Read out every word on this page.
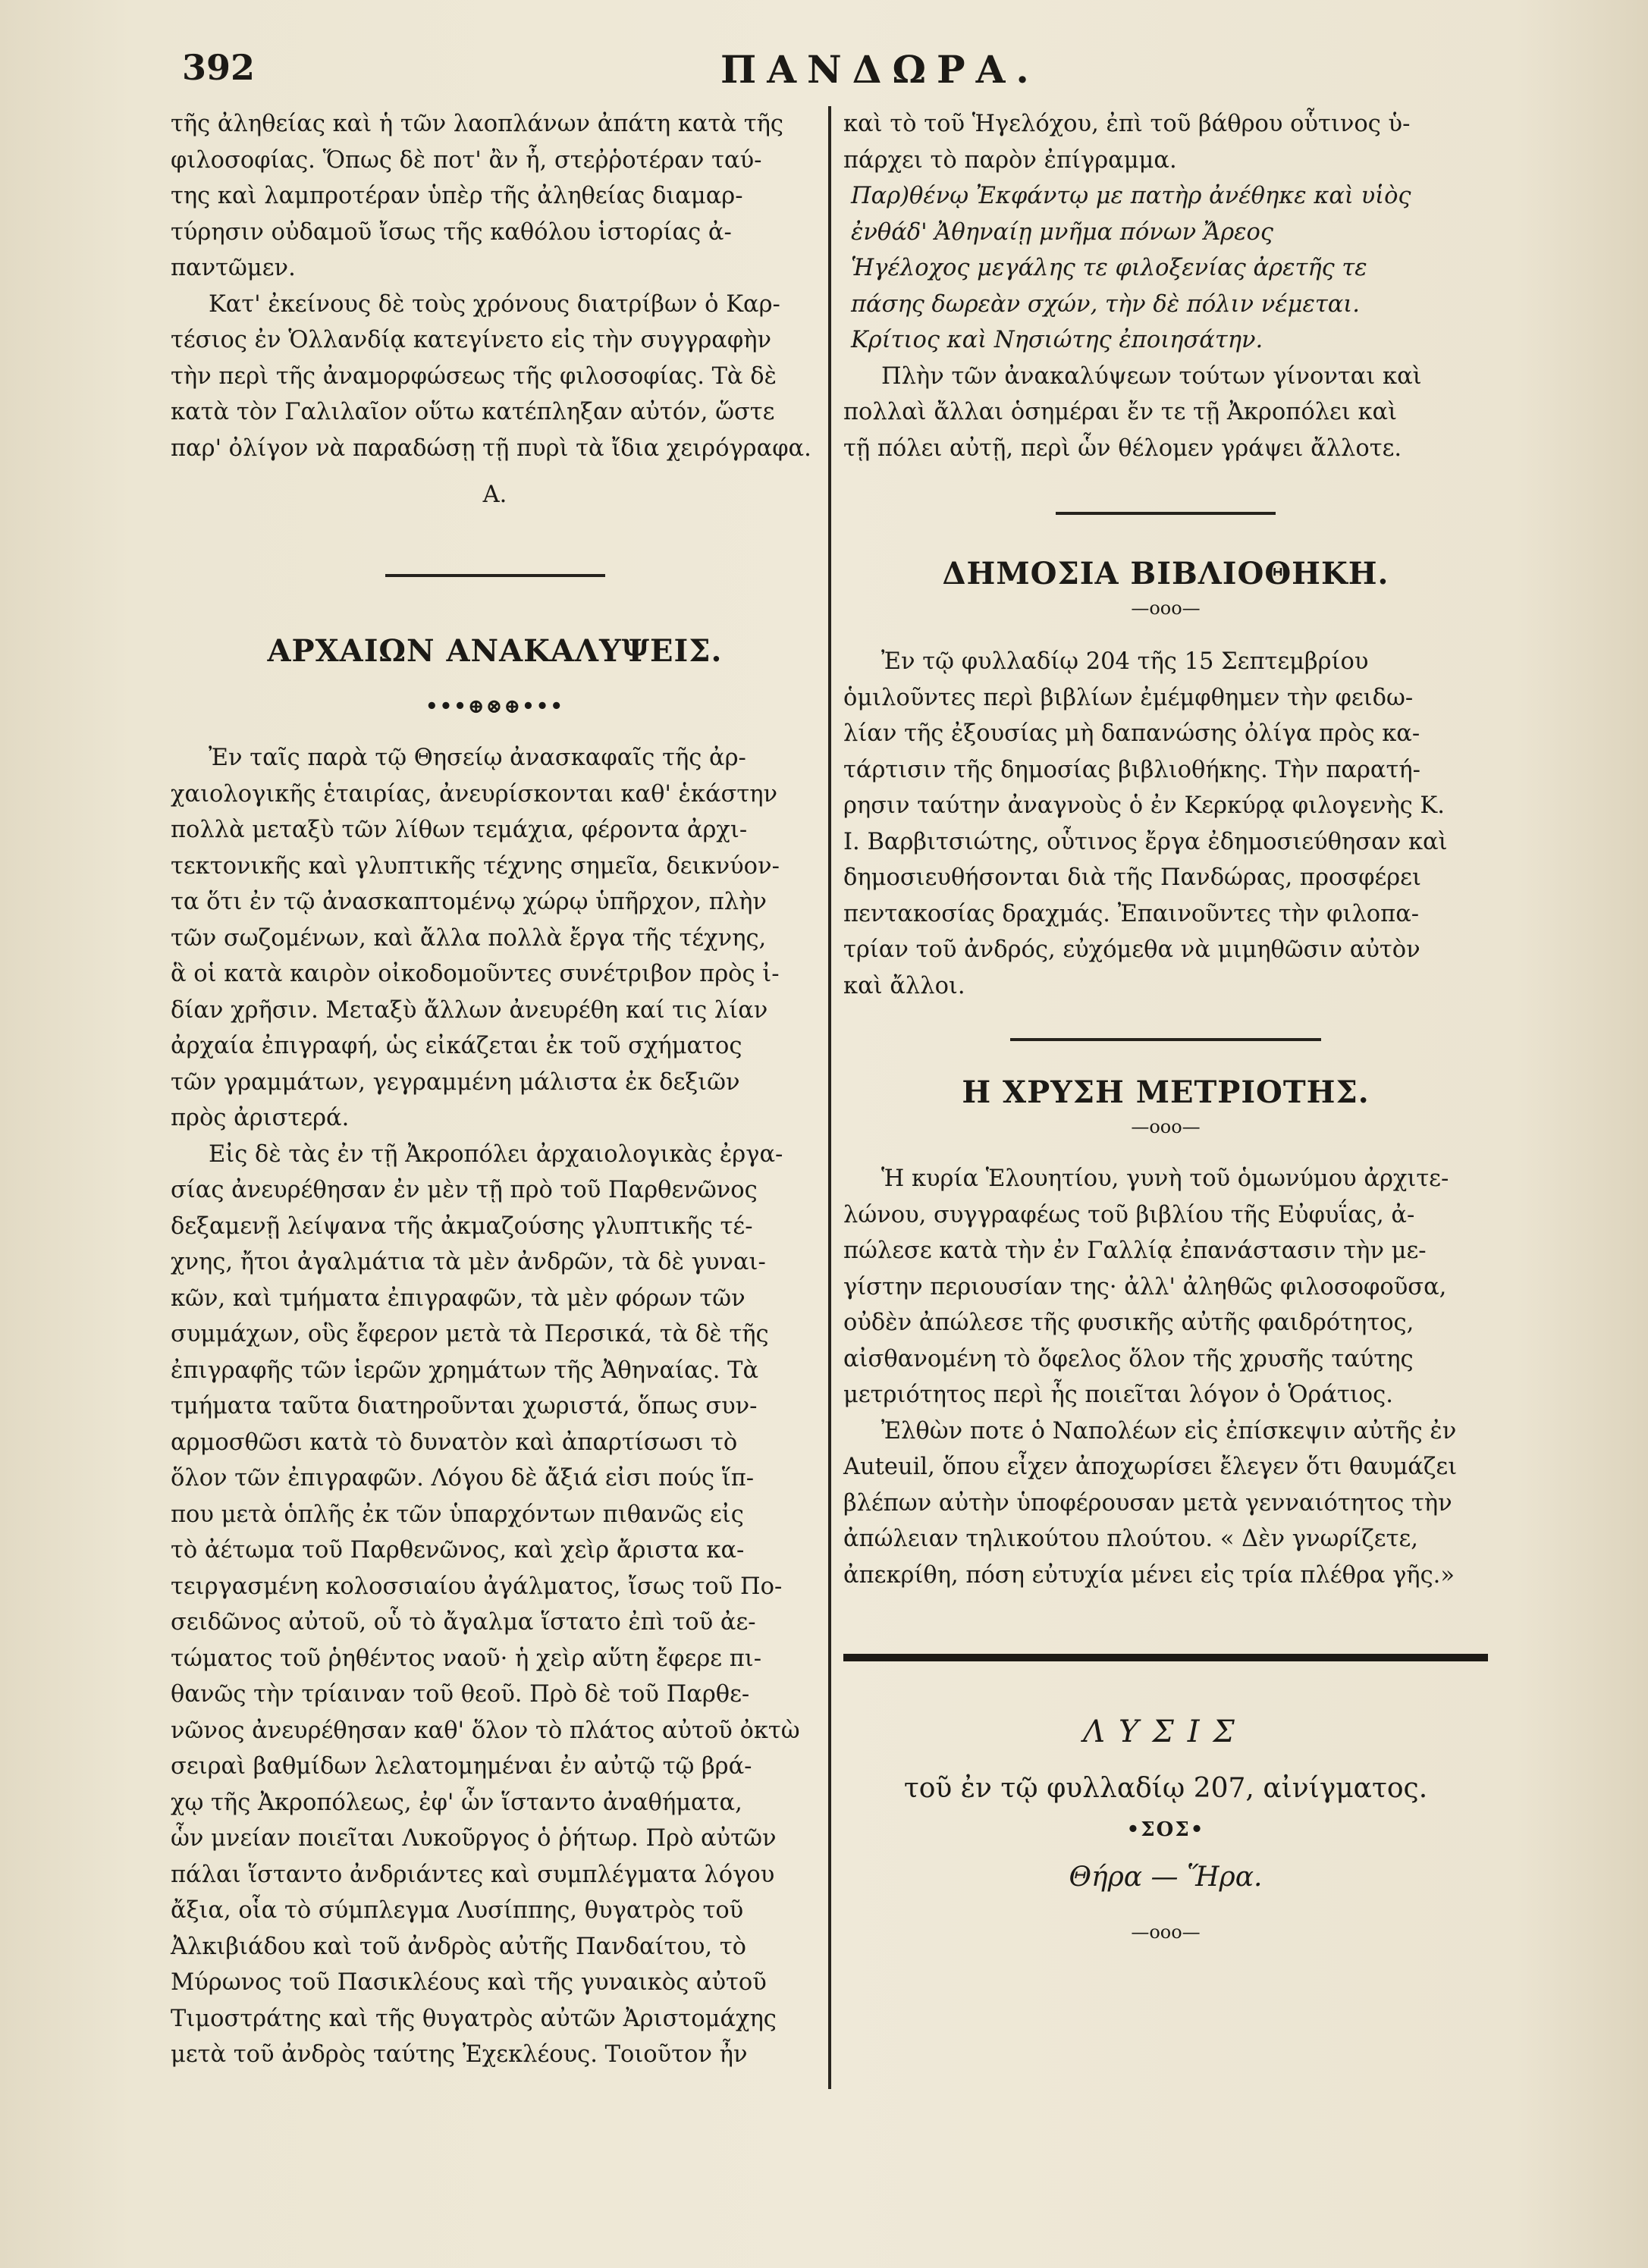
392	ΠΑΝΔΩΡΑ.

τῆς ἀληθείας καὶ ἡ τῶν λαοπλάνων ἀπάτη κατὰ τῆς

φιλοσοφίας. Ὅπως δὲ ποτ' ἂν ἦ, στεῤῥοτέραν ταύ-

της καὶ λαμπροτέραν ὑπὲρ τῆς ἀληθείας διαμαρ-

τύρησιν οὐδαμοῦ ἴσως τῆς καθόλου ἱστορίας ἀ-

παντῶμεν.

Κατ' ἐκείνους δὲ τοὺς χρόνους διατρίβων ὁ Καρ-

τέσιος ἐν Ὁλλανδίᾳ κατεγίνετο εἰς τὴν συγγραφὴν

τὴν περὶ τῆς ἀναμορφώσεως τῆς φιλοσοφίας. Τὰ δὲ

κατὰ τὸν Γαλιλαῖον οὕτω κατέπληξαν αὐτόν, ὥστε

παρ' ὀλίγον νὰ παραδώσῃ τῇ πυρὶ τὰ ἴδια χειρόγραφα.

Α.

ΑΡΧΑΙΩΝ ΑΝΑΚΑΛΥΨΕΙΣ.
•••⊕⊗⊕•••

Ἐν ταῖς παρὰ τῷ Θησείῳ ἀνασκαφαῖς τῆς ἀρ-

χαιολογικῆς ἑταιρίας, ἀνευρίσκονται καθ' ἑκάστην

πολλὰ μεταξὺ τῶν λίθων τεμάχια, φέροντα ἀρχι-

τεκτονικῆς καὶ γλυπτικῆς τέχνης σημεῖα, δεικνύον-

τα ὅτι ἐν τῷ ἀνασκαπτομένῳ χώρῳ ὑπῆρχον, πλὴν

τῶν σωζομένων, καὶ ἄλλα πολλὰ ἔργα τῆς τέχνης,

ἃ οἱ κατὰ καιρὸν οἰκοδομοῦντες συνέτριβον πρὸς ἰ-

δίαν χρῆσιν. Μεταξὺ ἄλλων ἀνευρέθη καί τις λίαν

ἀρχαία ἐπιγραφή, ὡς εἰκάζεται ἐκ τοῦ σχήματος

τῶν γραμμάτων, γεγραμμένη μάλιστα ἐκ δεξιῶν

πρὸς ἀριστερά.

Εἰς δὲ τὰς ἐν τῇ Ἀκροπόλει ἀρχαιολογικὰς ἐργα-

σίας ἀνευρέθησαν ἐν μὲν τῇ πρὸ τοῦ Παρθενῶνος

δεξαμενῇ λείψανα τῆς ἀκμαζούσης γλυπτικῆς τέ-

χνης, ἤτοι ἀγαλμάτια τὰ μὲν ἀνδρῶν, τὰ δὲ γυναι-

κῶν, καὶ τμήματα ἐπιγραφῶν, τὰ μὲν φόρων τῶν

συμμάχων, οὓς ἔφερον μετὰ τὰ Περσικά, τὰ δὲ τῆς

ἐπιγραφῆς τῶν ἱερῶν χρημάτων τῆς Ἀθηναίας. Τὰ

τμήματα ταῦτα διατηροῦνται χωριστά, ὅπως συν-

αρμοσθῶσι κατὰ τὸ δυνατὸν καὶ ἀπαρτίσωσι τὸ

ὅλον τῶν ἐπιγραφῶν. Λόγου δὲ ἄξιά εἰσι πούς ἵπ-

που μετὰ ὁπλῆς ἐκ τῶν ὑπαρχόντων πιθανῶς εἰς

τὸ ἀέτωμα τοῦ Παρθενῶνος, καὶ χεὶρ ἄριστα κα-

τειργασμένη κολοσσιαίου ἀγάλματος, ἴσως τοῦ Πο-

σειδῶνος αὐτοῦ, οὗ τὸ ἄγαλμα ἵστατο ἐπὶ τοῦ ἀε-

τώματος τοῦ ῥηθέντος ναοῦ· ἡ χεὶρ αὕτη ἔφερε πι-

θανῶς τὴν τρίαιναν τοῦ θεοῦ. Πρὸ δὲ τοῦ Παρθε-

νῶνος ἀνευρέθησαν καθ' ὅλον τὸ πλάτος αὐτοῦ ὀκτὼ

σειραὶ βαθμίδων λελατομημέναι ἐν αὐτῷ τῷ βρά-

χῳ τῆς Ἀκροπόλεως, ἐφ' ὧν ἵσταντο ἀναθήματα,

ὧν μνείαν ποιεῖται Λυκοῦργος ὁ ῥήτωρ. Πρὸ αὐτῶν

πάλαι ἵσταντο ἀνδριάντες καὶ συμπλέγματα λόγου

ἄξια, οἷα τὸ σύμπλεγμα Λυσίππης, θυγατρὸς τοῦ

Ἀλκιβιάδου καὶ τοῦ ἀνδρὸς αὐτῆς Πανδαίτου, τὸ

Μύρωνος τοῦ Πασικλέους καὶ τῆς γυναικὸς αὐτοῦ

Τιμοστράτης καὶ τῆς θυγατρὸς αὐτῶν Ἀριστομάχης

μετὰ τοῦ ἀνδρὸς ταύτης Ἐχεκλέους. Τοιοῦτον ἦν

καὶ τὸ τοῦ Ἡγελόχου, ἐπὶ τοῦ βάθρου οὗτινος ὑ-

πάρχει τὸ παρὸν ἐπίγραμμα.

Παρ)θένῳ Ἐκφάντῳ με πατὴρ ἀνέθηκε καὶ υἱὸς

ἐνθάδ' Ἀθηναίῃ μνῆμα πόνων Ἄρεος

Ἡγέλοχος μεγάλης τε φιλοξενίας ἀρετῆς τε

πάσης δωρεὰν σχών, τὴν δὲ πόλιν νέμεται.

Κρίτιος καὶ Νησιώτης ἐποιησάτην.

Πλὴν τῶν ἀνακαλύψεων τούτων γίνονται καὶ

πολλαὶ ἄλλαι ὁσημέραι ἔν τε τῇ Ἀκροπόλει καὶ

τῇ πόλει αὐτῇ, περὶ ὧν θέλομεν γράψει ἄλλοτε.

ΔΗΜΟΣΙΑ ΒΙΒΛΙΟΘΗΚΗ.
—οοο—

Ἐν τῷ φυλλαδίῳ 204 τῆς 15 Σεπτεμβρίου

ὁμιλοῦντες περὶ βιβλίων ἐμέμφθημεν τὴν φειδω-

λίαν τῆς ἐξουσίας μὴ δαπανώσης ὀλίγα πρὸς κα-

τάρτισιν τῆς δημοσίας βιβλιοθήκης. Τὴν παρατή-

ρησιν ταύτην ἀναγνοὺς ὁ ἐν Κερκύρᾳ φιλογενὴς Κ.

Ι. Βαρβιτσιώτης, οὗτινος ἔργα ἐδημοσιεύθησαν καὶ

δημοσιευθήσονται διὰ τῆς Πανδώρας, προσφέρει

πεντακοσίας δραχμάς. Ἐπαινοῦντες τὴν φιλοπα-

τρίαν τοῦ ἀνδρός, εὐχόμεθα νὰ μιμηθῶσιν αὐτὸν

καὶ ἄλλοι.

Η ΧΡΥΣΗ ΜΕΤΡΙΟΤΗΣ.
—οοο—

Ἡ κυρία Ἑλουητίου, γυνὴ τοῦ ὁμωνύμου ἀρχιτε-

λώνου, συγγραφέως τοῦ βιβλίου τῆς Εὐφυΐας, ἀ-

πώλεσε κατὰ τὴν ἐν Γαλλίᾳ ἐπανάστασιν τὴν με-

γίστην περιουσίαν της· ἀλλ' ἀληθῶς φιλοσοφοῦσα,

οὐδὲν ἀπώλεσε τῆς φυσικῆς αὐτῆς φαιδρότητος,

αἰσθανομένη τὸ ὄφελος ὅλον τῆς χρυσῆς ταύτης

μετριότητος περὶ ἧς ποιεῖται λόγον ὁ Ὁράτιος.

Ἐλθὼν ποτε ὁ Ναπολέων εἰς ἐπίσκεψιν αὐτῆς ἐν

Auteuil, ὅπου εἶχεν ἀποχωρίσει ἔλεγεν ὅτι θαυμάζει

βλέπων αὐτὴν ὑποφέρουσαν μετὰ γενναιότητος τὴν

ἀπώλειαν τηλικούτου πλούτου. « Δὲν γνωρίζετε,

ἀπεκρίθη, πόση εὐτυχία μένει εἰς τρία πλέθρα γῆς.»

ΛΥΣΙΣ
τοῦ ἐν τῷ φυλλαδίῳ 207, αἰνίγματος.
•ΣΟΣ•
Θήρα — Ἥρα.
—οοο—
